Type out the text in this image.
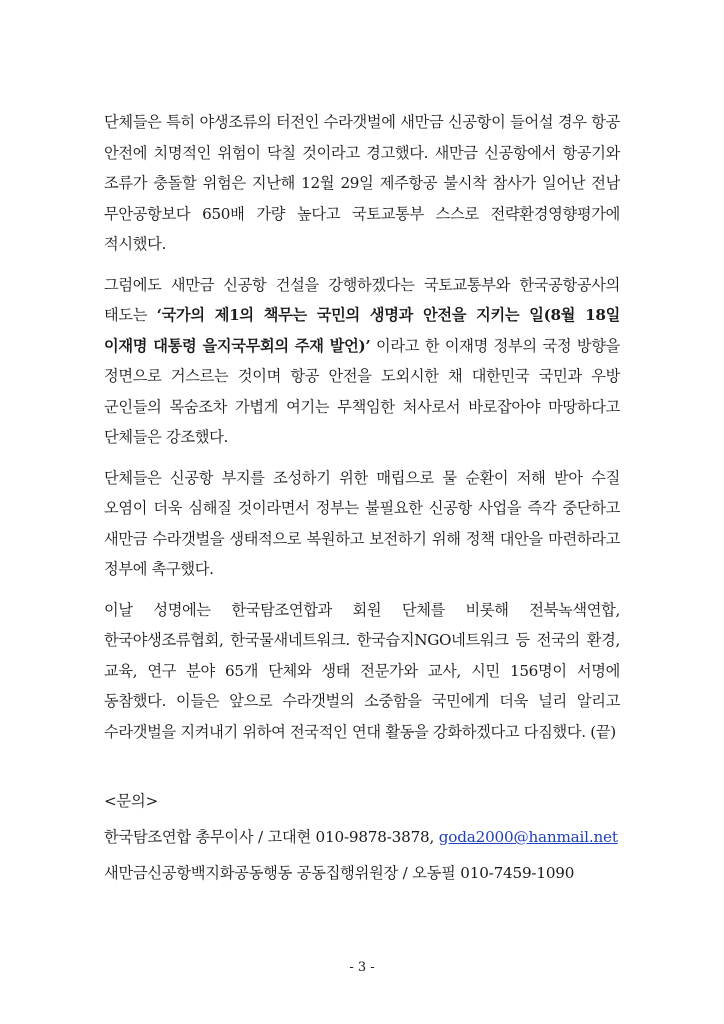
단체들은 특히 야생조류의 터전인 수라갯벌에 새만금 신공항이 들어설 경우 항공 안전에 치명적인 위험이 닥칠 것이라고 경고했다. 새만금 신공항에서 항공기와 조류가 충돌할 위험은 지난해 12월 29일 제주항공 불시착 참사가 일어난 전남 무안공항보다 650배 가량 높다고 국토교통부 스스로 전략환경영향평가에 적시했다.

그럼에도 새만금 신공항 건설을 강행하겠다는 국토교통부와 한국공항공사의 태도는 ‘국가의 제1의 책무는 국민의 생명과 안전을 지키는 일(8월 18일 이재명 대통령 을지국무회의 주재 발언)’ 이라고 한 이재명 정부의 국정 방향을 정면으로 거스르는 것이며 항공 안전을 도외시한 채 대한민국 국민과 우방 군인들의 목숨조차 가볍게 여기는 무책임한 처사로서 바로잡아야 마땅하다고 단체들은 강조했다.

단체들은 신공항 부지를 조성하기 위한 매립으로 물 순환이 저해 받아 수질 오염이 더욱 심해질 것이라면서 정부는 불필요한 신공항 사업을 즉각 중단하고 새만금 수라갯벌을 생태적으로 복원하고 보전하기 위해 정책 대안을 마련하라고 정부에 촉구했다.

이날 성명에는 한국탐조연합과 회원 단체를 비롯해 전북녹색연합, 한국야생조류협회, 한국물새네트워크. 한국습지NGO네트워크 등 전국의 환경, 교육, 연구 분야 65개 단체와 생태 전문가와 교사, 시민 156명이 서명에 동참했다. 이들은 앞으로 수라갯벌의 소중함을 국민에게 더욱 널리 알리고 수라갯벌을 지켜내기 위하여 전국적인 연대 활동을 강화하겠다고 다짐했다. (끝)

<문의>
한국탐조연합 총무이사 / 고대현 010-9878-3878, goda2000@hanmail.net
새만금신공항백지화공동행동 공동집행위원장 / 오동필 010-7459-1090
- 3 -
